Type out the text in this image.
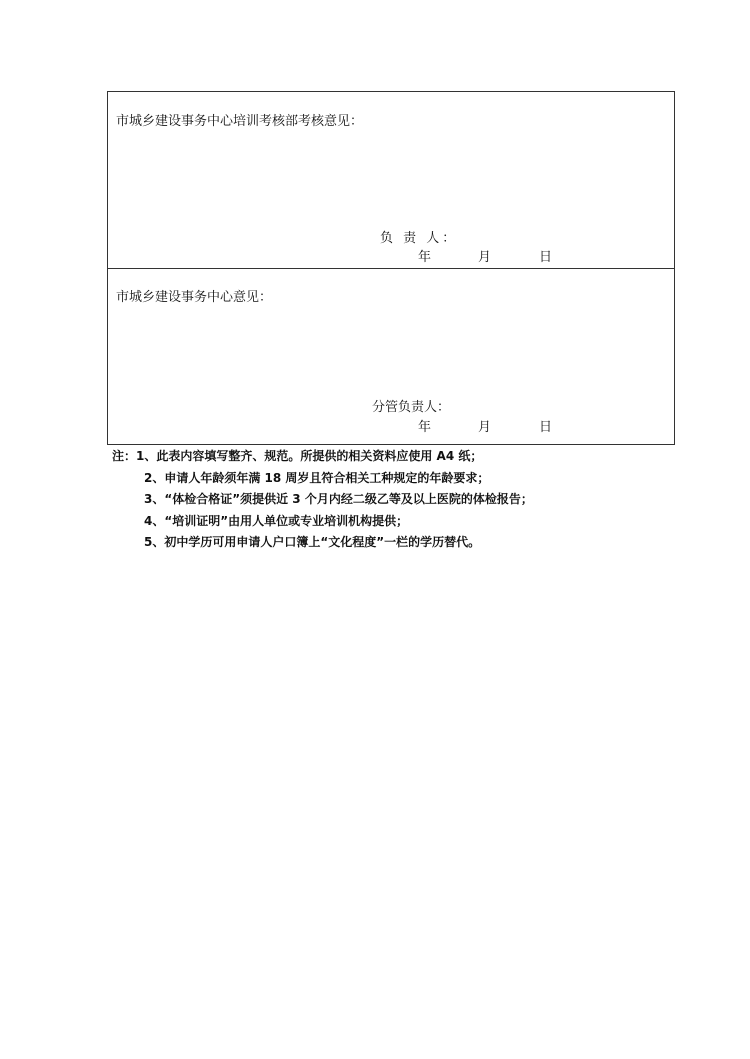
市城乡建设事务中心培训考核部考核意见：
负 责 人：
年	月	日
市城乡建设事务中心意见：
分管负责人：
年	月	日
注：1、此表内容填写整齐、规范。所提供的相关资料应使用 A4 纸；
2、申请人年龄须年满 18 周岁且符合相关工种规定的年龄要求；
3、“体检合格证”须提供近 3 个月内经二级乙等及以上医院的体检报告；
4、“培训证明”由用人单位或专业培训机构提供；
5、初中学历可用申请人户口簿上“文化程度”一栏的学历替代。
